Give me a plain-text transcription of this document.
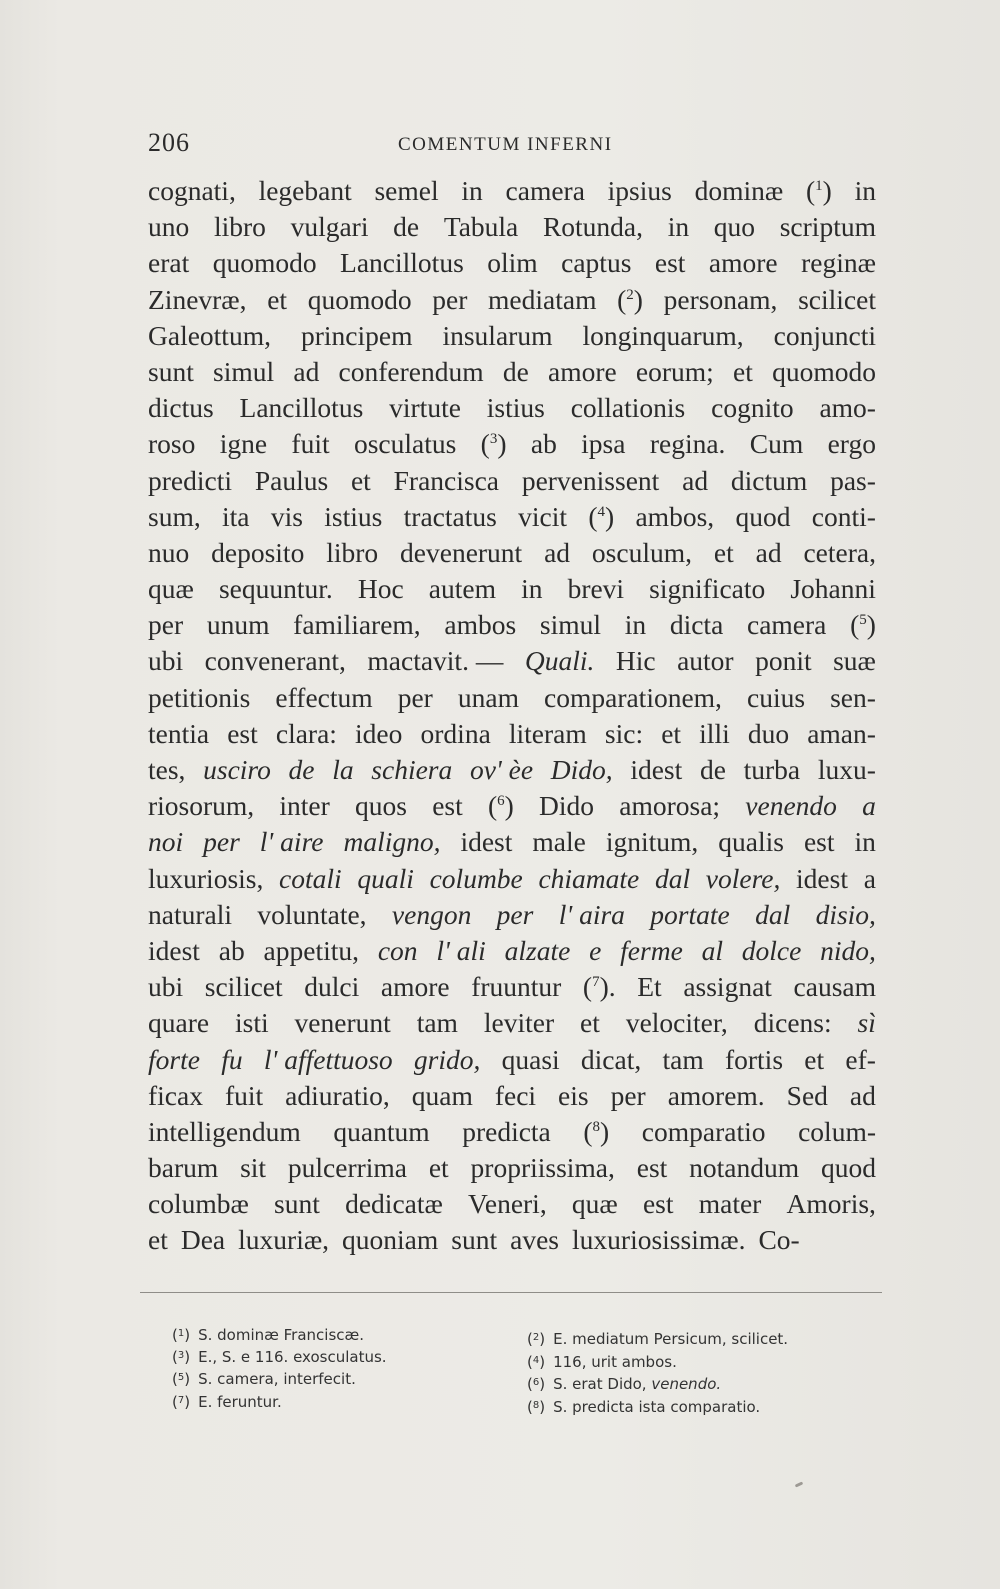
206	COMENTUM INFERNI
cognati, legebant semel in camera ipsius dominæ ($^1$) in
uno libro vulgari de Tabula Rotunda, in quo scriptum
erat quomodo Lancillotus olim captus est amore reginæ
Zinevræ, et quomodo per mediatam ($^2$) personam, scilicet
Galeottum, principem insularum longinquarum, conjuncti
sunt simul ad conferendum de amore eorum; et quomodo
dictus Lancillotus virtute istius collationis cognito amo-
roso igne fuit osculatus ($^3$) ab ipsa regina. Cum ergo
predicti Paulus et Francisca pervenissent ad dictum pas-
sum, ita vis istius tractatus vicit ($^4$) ambos, quod conti-
nuo deposito libro devenerunt ad osculum, et ad cetera,
quæ sequuntur. Hoc autem in brevi significato Johanni
per unum familiarem, ambos simul in dicta camera ($^5$)
ubi convenerant, mactavit. — Quali. Hic autor ponit suæ
petitionis effectum per unam comparationem, cuius sen-
tentia est clara: ideo ordina literam sic: et illi duo aman-
tes, usciro de la schiera ov' èe Dido, idest de turba luxu-
riosorum, inter quos est ($^6$) Dido amorosa; venendo a
noi per l' aire maligno, idest male ignitum, qualis est in
luxuriosis, cotali quali columbe chiamate dal volere, idest a
naturali voluntate, vengon per l' aira portate dal disio,
idest ab appetitu, con l' ali alzate e ferme al dolce nido,
ubi scilicet dulci amore fruuntur ($^7$). Et assignat causam
quare isti venerunt tam leviter et velociter, dicens: sì
forte fu l' affettuoso grido, quasi dicat, tam fortis et ef-
ficax fuit adiuratio, quam feci eis per amorem. Sed ad
intelligendum quantum predicta ($^8$) comparatio colum-
barum sit pulcerrima et propriissima, est notandum quod
columbæ sunt dedicatæ Veneri, quæ est mater Amoris,
et Dea luxuriæ, quoniam sunt aves luxuriosissimæ. Co-
($^1$) S. dominæ Franciscæ.
($^3$) E., S. e 116. exosculatus.
($^5$) S. camera, interfecit.
($^7$) E. feruntur.
($^2$) E. mediatum Persicum, scilicet.
($^4$) 116, urit ambos.
($^6$) S. erat Dido, venendo.
($^8$) S. predicta ista comparatio.
